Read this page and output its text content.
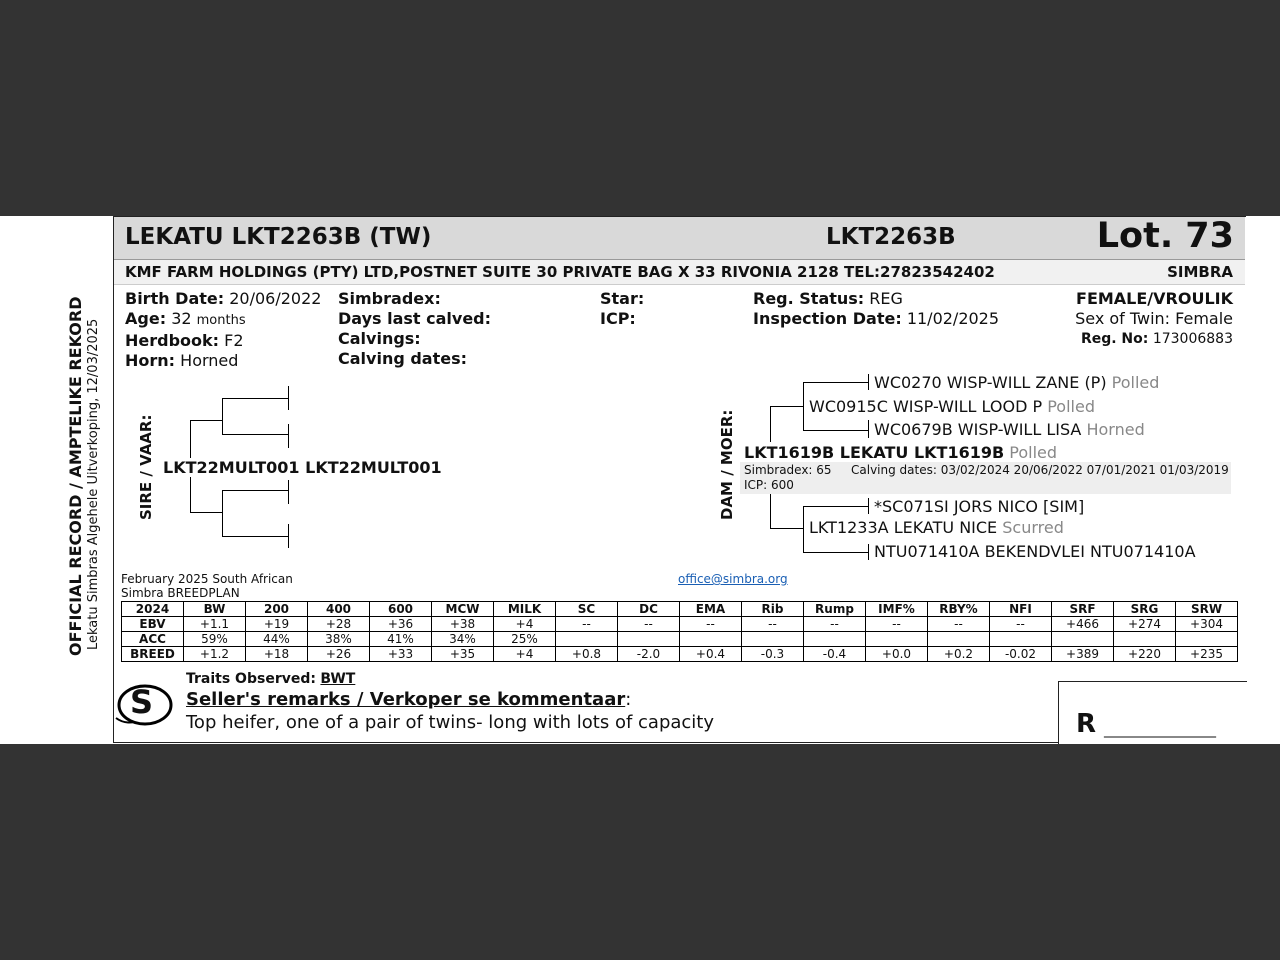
OFFICIAL RECORD / AMPTELIKE REKORD Lekatu Simbras Algehele Uitverkoping, 12/03/2025
LEKATU LKT2263B (TW)	LKT2263B	Lot. 73
KMF FARM HOLDINGS (PTY) LTD,POSTNET SUITE 30 PRIVATE BAG X 33 RIVONIA 2128 TEL:27823542402	SIMBRA
Birth Date: 20/06/2022
Age: 32 months
Herdbook: F2
Horn: Horned
Simbradex:
Days last calved:
Calvings:
Calving dates:
Star:
ICP:
Reg. Status: REG
Inspection Date: 11/02/2025
FEMALE/VROULIK
Sex of Twin: Female
Reg. No: 173006883
SIRE / VAAR: LKT22MULT001 LKT22MULT001	DAM / MOER:
WC0270 WISP-WILL ZANE (P) Polled
WC0915C WISP-WILL LOOD P Polled
WC0679B WISP-WILL LISA Horned
LKT1619B LEKATU LKT1619B Polled
Simbradex: 65 Calving dates: 03/02/2024 20/06/2022 07/01/2021 01/03/2019
ICP: 600
*SC071SI JORS NICO [SIM]
LKT1233A LEKATU NICE Scurred
NTU071410A BEKENDVLEI NTU071410A
February 2025 South African
Simbra BREEDPLAN
office@simbra.org
2024	BW	200	400	600	MCW	MILK	SC	DC	EMA	Rib	Rump	IMF%	RBY%	NFI	SRF	SRG	SRW
EBV	+1.1	+19	+28	+36	+38	+4	--	--	--	--	--	--	--	--	+466	+274	+304
ACC	59%	44%	38%	41%	34%	25%											
BREED	+1.2	+18	+26	+33	+35	+4	+0.8	-2.0	+0.4	-0.3	-0.4	+0.0	+0.2	-0.02	+389	+220	+235
S
Traits Observed: BWT
Seller's remarks / Verkoper se kommentaar:
Top heifer, one of a pair of twins- long with lots of capacity	R ________________
